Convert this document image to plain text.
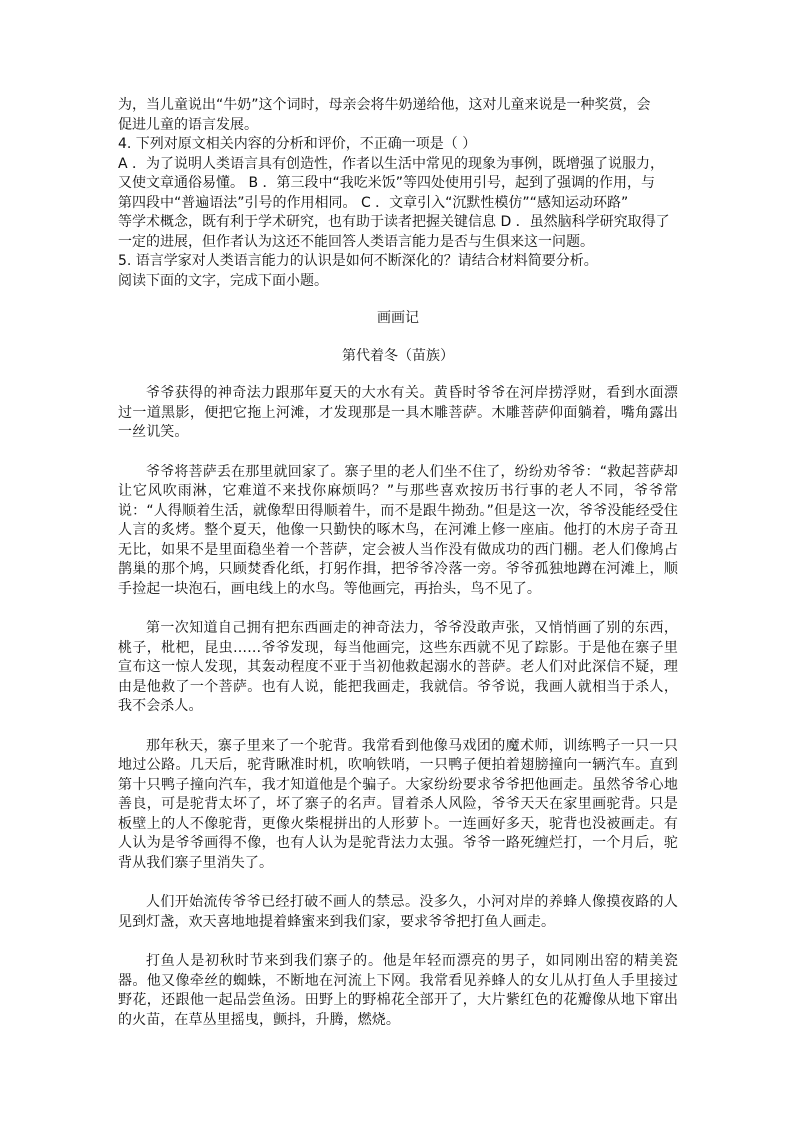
为，当儿童说出“牛奶”这个词时，母亲会将牛奶递给他，这对儿童来说是一种奖赏，会

促进儿童的语言发展。

4. 下列对原文相关内容的分析和评价，不正确一项是（ ）

A ．为了说明人类语言具有创造性，作者以生活中常见的现象为事例，既增强了说服力，

又使文章通俗易懂。 B ．第三段中“我吃米饭”等四处使用引号，起到了强调的作用，与

第四段中“普遍语法”引号的作用相同。 C ．文章引入“沉默性模仿”“感知运动环路”

等学术概念，既有利于学术研究，也有助于读者把握关键信息 D ．虽然脑科学研究取得了

一定的进展，但作者认为这还不能回答人类语言能力是否与生俱来这一问题。

5. 语言学家对人类语言能力的认识是如何不断深化的？请结合材料简要分析。

阅读下面的文字，完成下面小题。

画画记

第代着冬（苗族）

爷爷获得的神奇法力跟那年夏天的大水有关。黄昏时爷爷在河岸捞浮财，看到水面漂过一道黑影，便把它拖上河滩，才发现那是一具木雕菩萨。木雕菩萨仰面躺着，嘴角露出一丝讥笑。

爷爷将菩萨丢在那里就回家了。寨子里的老人们坐不住了，纷纷劝爷爷：“救起菩萨却让它风吹雨淋，它难道不来找你麻烦吗？”与那些喜欢按历书行事的老人不同，爷爷常说：“人得顺着生活，就像犁田得顺着牛，而不是跟牛拗劲。”但是这一次，爷爷没能经受住人言的炙烤。整个夏天，他像一只勤快的啄木鸟，在河滩上修一座庙。他打的木房子奇丑无比，如果不是里面稳坐着一个菩萨，定会被人当作没有做成功的西门棚。老人们像鸠占鹊巢的那个鸠，只顾焚香化纸，打躬作揖，把爷爷冷落一旁。爷爷孤独地蹲在河滩上，顺手捡起一块泡石，画电线上的水鸟。等他画完，再抬头，鸟不见了。

第一次知道自己拥有把东西画走的神奇法力，爷爷没敢声张，又悄悄画了别的东西，桃子，枇杷，昆虫……爷爷发现，每当他画完，这些东西就不见了踪影。于是他在寨子里宣布这一惊人发现，其轰动程度不亚于当初他救起溺水的菩萨。老人们对此深信不疑，理由是他救了一个菩萨。也有人说，能把我画走，我就信。爷爷说，我画人就相当于杀人，我不会杀人。

那年秋天，寨子里来了一个驼背。我常看到他像马戏团的魔术师，训练鸭子一只一只地过公路。几天后，驼背瞅准时机，吹响铁哨，一只鸭子便拍着翅膀撞向一辆汽车。直到第十只鸭子撞向汽车，我才知道他是个骗子。大家纷纷要求爷爷把他画走。虽然爷爷心地善良，可是驼背太坏了，坏了寨子的名声。冒着杀人风险，爷爷天天在家里画驼背。只是板壁上的人不像驼背，更像火柴棍拼出的人形萝卜。一连画好多天，驼背也没被画走。有人认为是爷爷画得不像，也有人认为是驼背法力太强。爷爷一路死缠烂打，一个月后，驼背从我们寨子里消失了。

人们开始流传爷爷已经打破不画人的禁忌。没多久，小河对岸的养蜂人像摸夜路的人见到灯盏，欢天喜地地提着蜂蜜来到我们家，要求爷爷把打鱼人画走。

打鱼人是初秋时节来到我们寨子的。他是年轻而漂亮的男子，如同刚出窑的精美瓷器。他又像牵丝的蜘蛛，不断地在河流上下网。我常看见养蜂人的女儿从打鱼人手里接过野花，还跟他一起品尝鱼汤。田野上的野棉花全部开了，大片紫红色的花瓣像从地下窜出的火苗，在草丛里摇曳，颤抖，升腾，燃烧。
